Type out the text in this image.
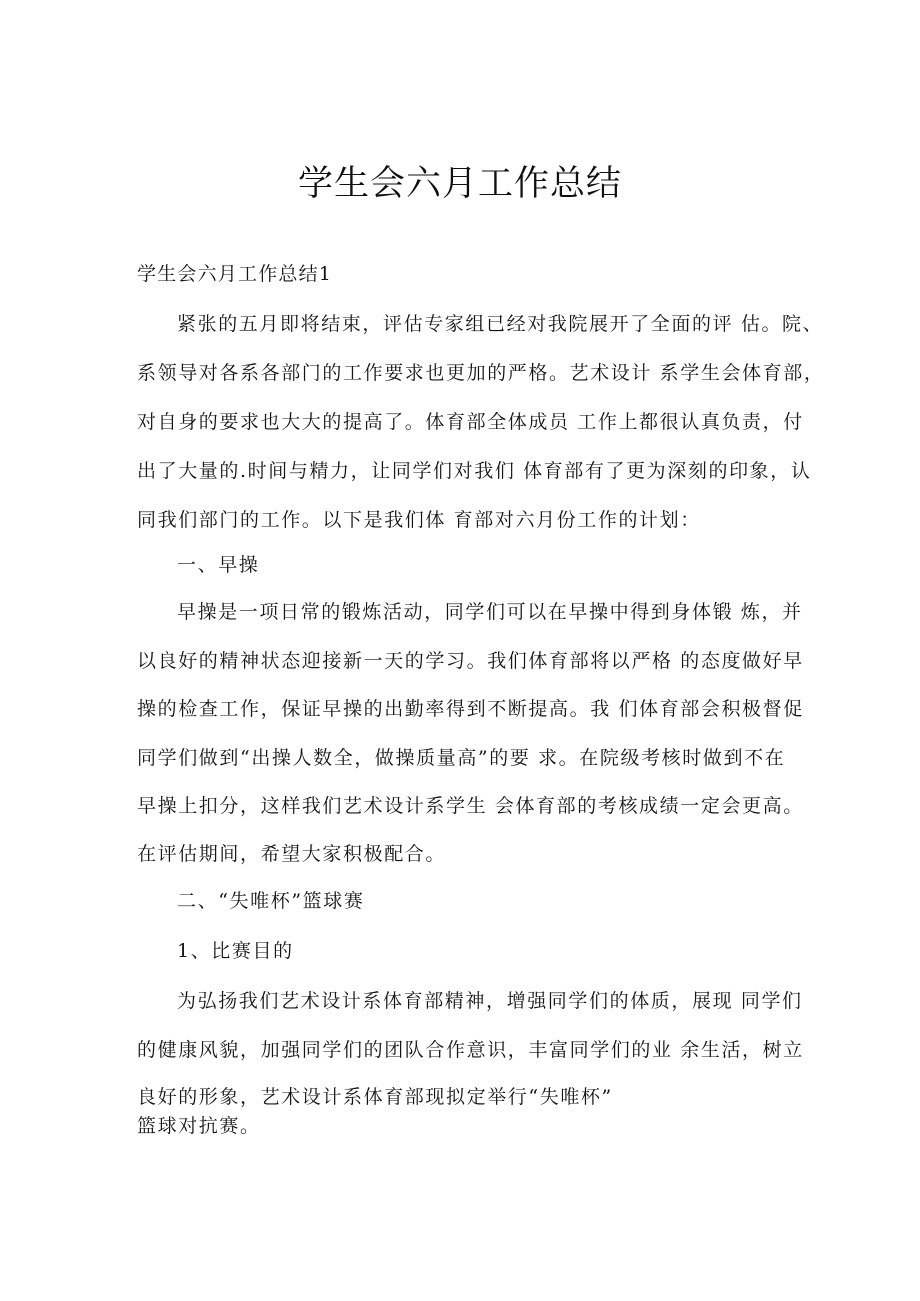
学生会六月工作总结

学生会六月工作总结1

紧张的五月即将结束，评估专家组已经对我院展开了全面的评 估。院、

系领导对各系各部门的工作要求也更加的严格。艺术设计 系学生会体育部，

对自身的要求也大大的提高了。体育部全体成员 工作上都很认真负责，付

出了大量的.时间与精力，让同学们对我们 体育部有了更为深刻的印象，认

同我们部门的工作。以下是我们体 育部对六月份工作的计划：

一、早操

早操是一项日常的锻炼活动，同学们可以在早操中得到身体锻 炼，并

以良好的精神状态迎接新一天的学习。我们体育部将以严格 的态度做好早

操的检查工作，保证早操的出勤率得到不断提高。我 们体育部会积极督促

同学们做到“出操人数全，做操质量高”的要 求。在院级考核时做到不在

早操上扣分，这样我们艺术设计系学生 会体育部的考核成绩一定会更高。

在评估期间，希望大家积极配合。

二、“失唯杯”篮球赛

1、比赛目的

为弘扬我们艺术设计系体育部精神，增强同学们的体质，展现 同学们

的健康风貌，加强同学们的团队合作意识，丰富同学们的业 余生活，树立

良好的形象，艺术设计系体育部现拟定举行“失唯杯”

篮球对抗赛。
